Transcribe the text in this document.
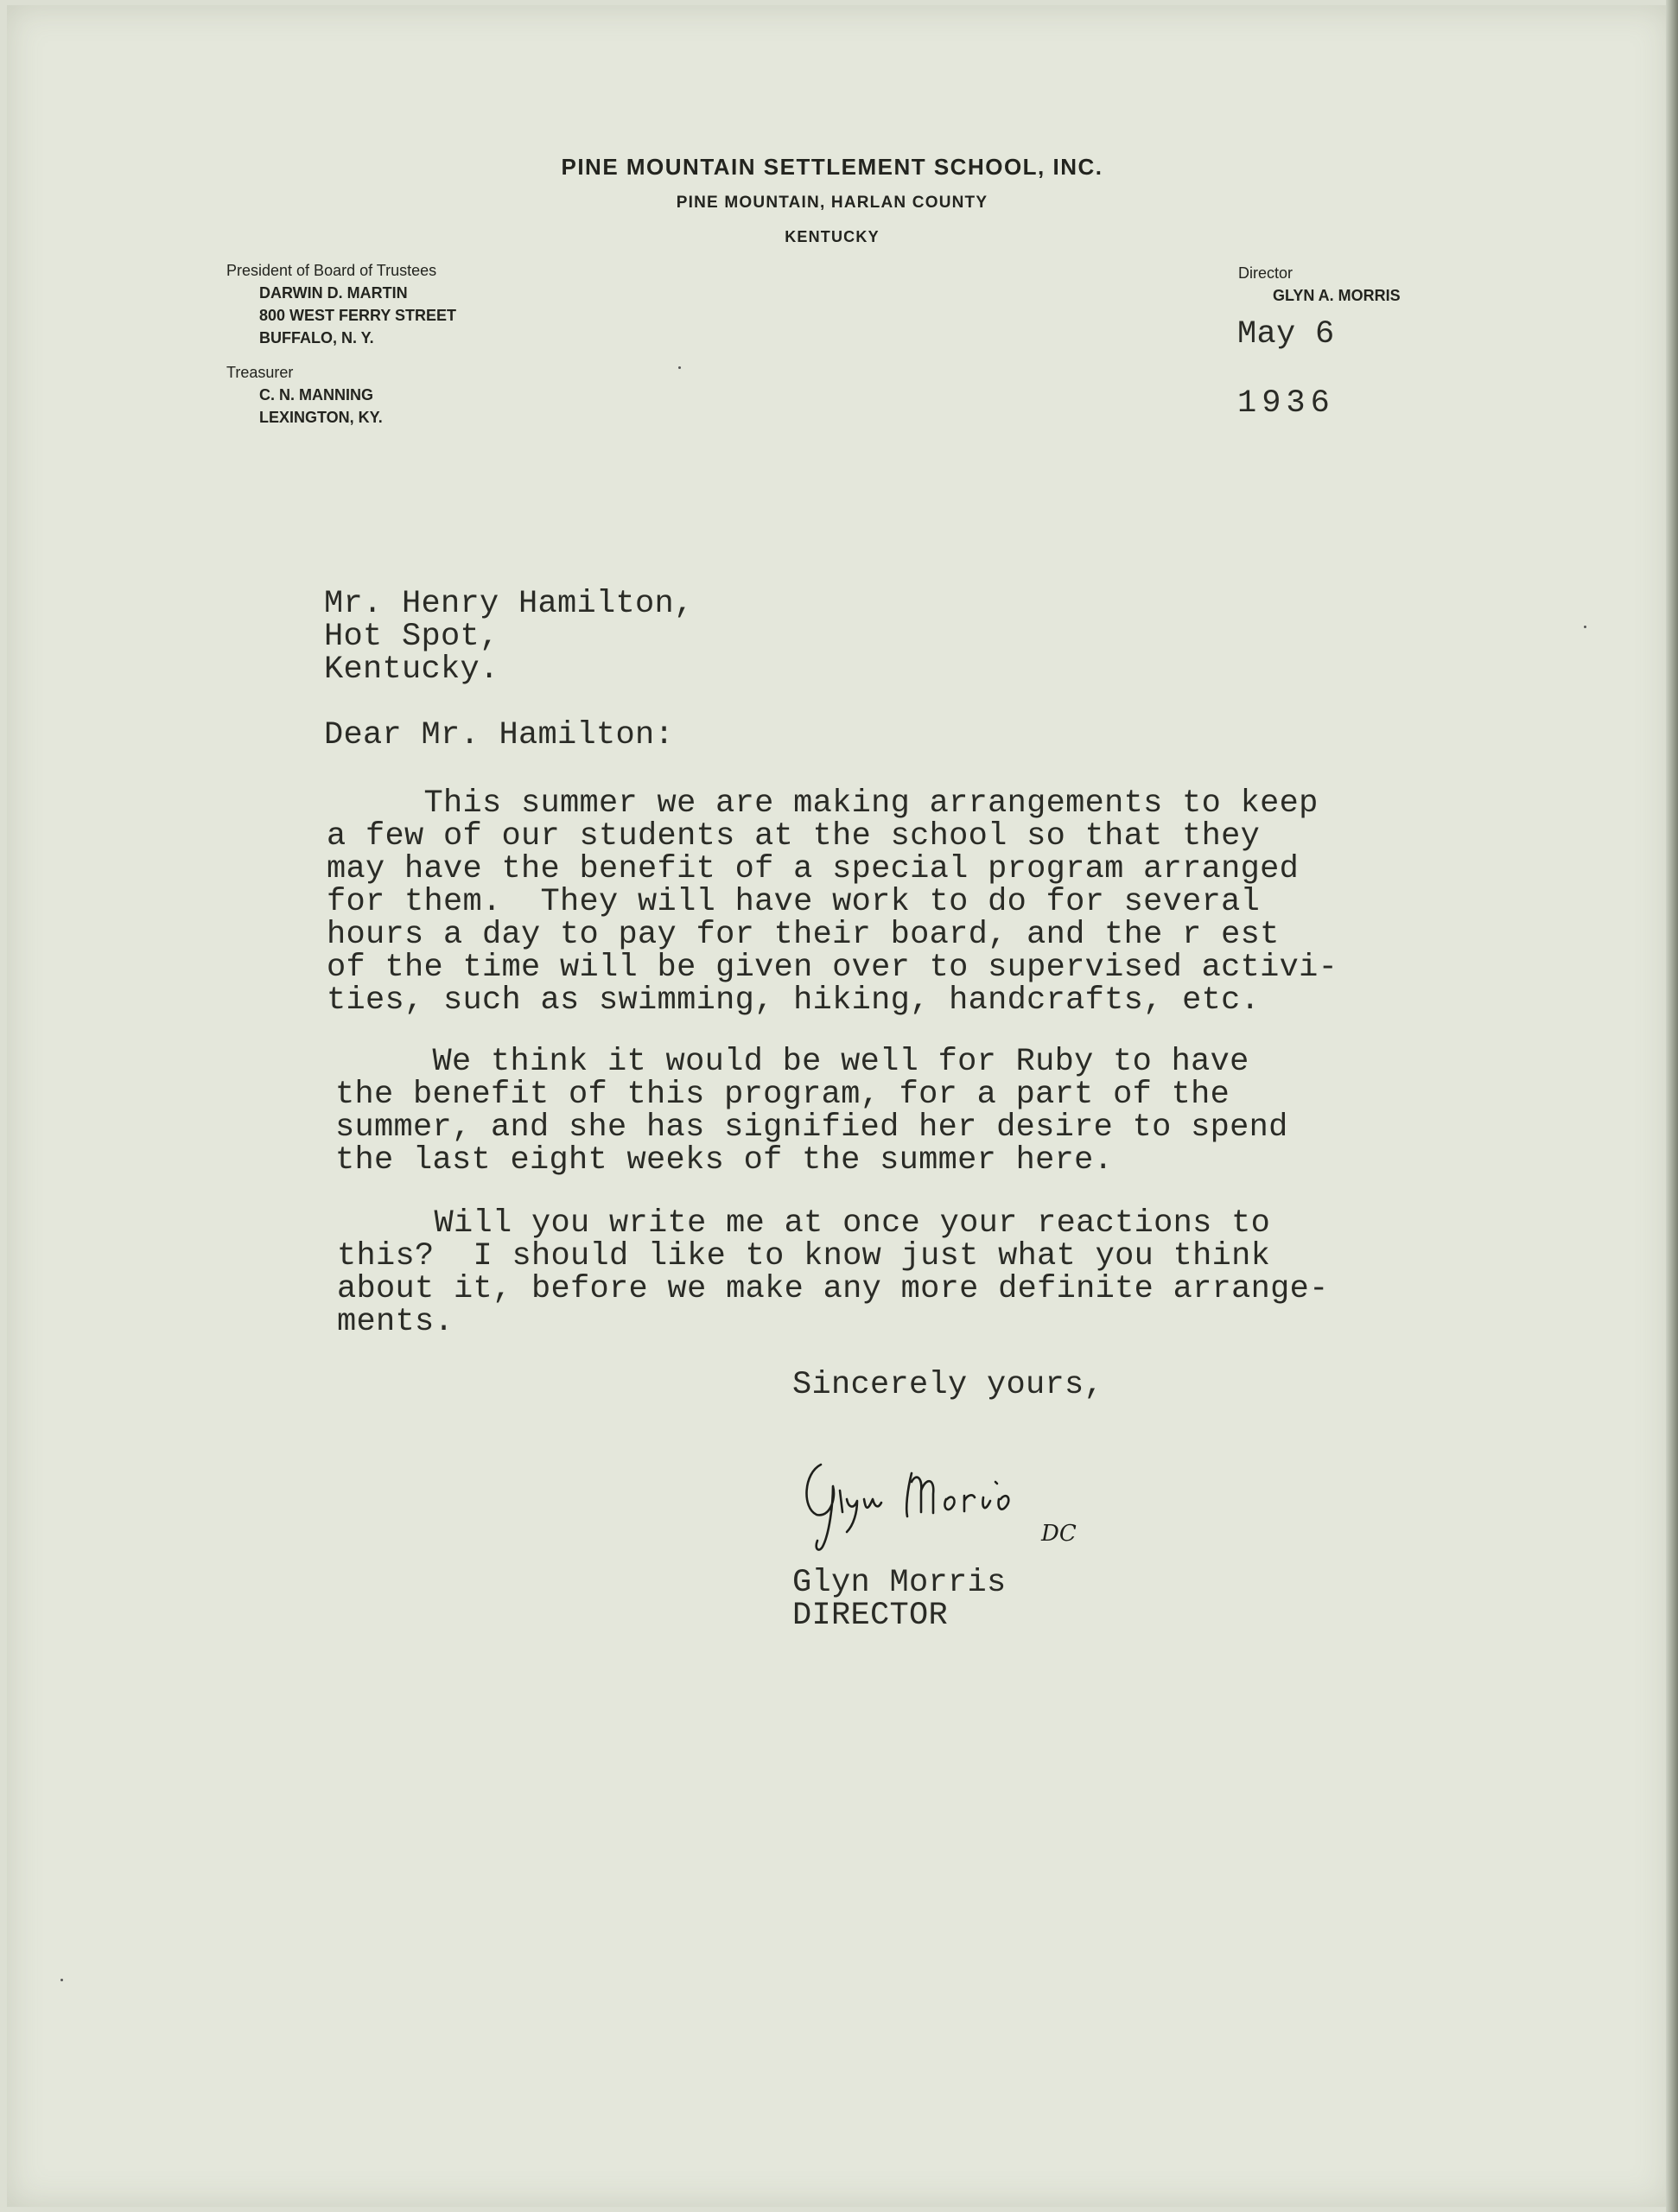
PINE MOUNTAIN SETTLEMENT SCHOOL, INC.
PINE MOUNTAIN, HARLAN COUNTY
KENTUCKY
President of Board of Trustees

DARWIN D. MARTIN
800 WEST FERRY STREET
BUFFALO, N. Y.
Treasurer

C. N. MANNING
LEXINGTON, KY.
Director

GLYN A. MORRIS
May 6
1936
Mr. Henry Hamilton,
Hot Spot,
Kentucky.
Dear Mr. Hamilton:
This summer we are making arrangements to keep
a few of our students at the school so that they
may have the benefit of a special program arranged
for them.  They will have work to do for several
hours a day to pay for their board, and the r est
of the time will be given over to supervised activi-
ties, such as swimming, hiking, handcrafts, etc.
We think it would be well for Ruby to have
the benefit of this program, for a part of the
summer, and she has signified her desire to spend
the last eight weeks of the summer here.
Will you write me at once your reactions to
this?  I should like to know just what you think
about it, before we make any more definite arrange-
ments.
Sincerely yours,
DC
Glyn Morris
DIRECTOR
